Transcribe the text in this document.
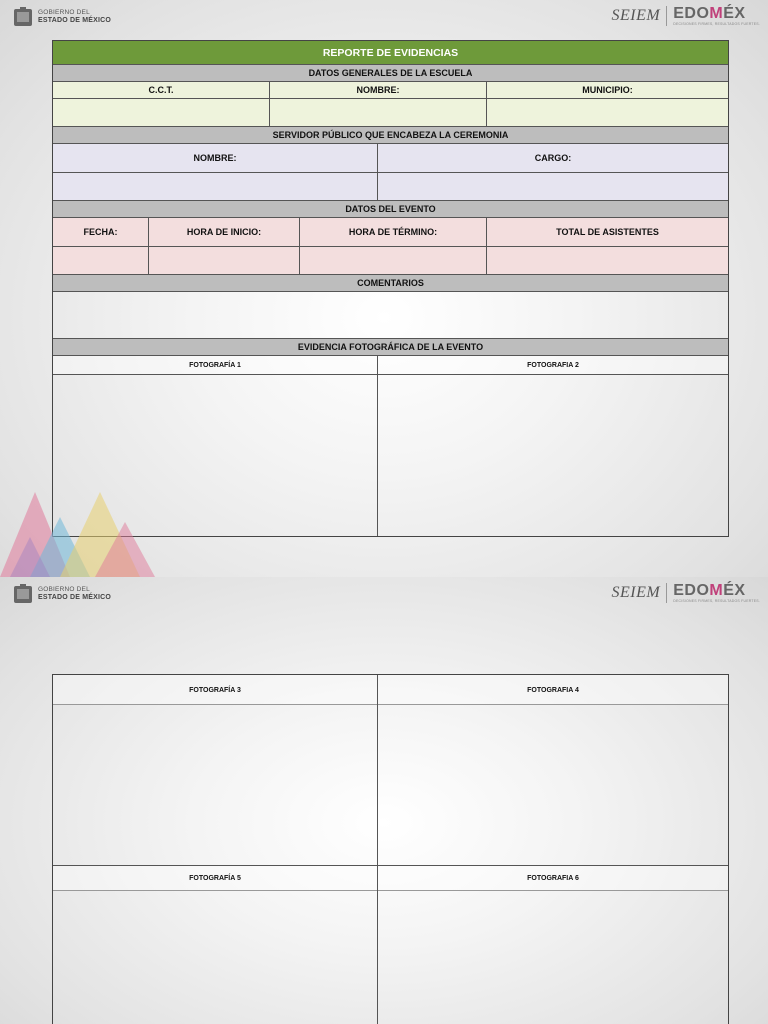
GOBIERNO DEL
ESTADO DE MÉXICO	SEIEM EDOMÉX
DECISIONES FIRMES, RESULTADOS FUERTES.
REPORTE DE EVIDENCIAS
DATOS GENERALES DE LA ESCUELA
C.C.T.	NOMBRE:	MUNICIPIO:
SERVIDOR PÚBLICO QUE ENCABEZA LA CEREMONIA
NOMBRE:	CARGO:
DATOS DEL EVENTO
FECHA:	HORA DE INICIO:	HORA DE TÉRMINO:	TOTAL DE ASISTENTES
COMENTARIOS
EVIDENCIA FOTOGRÁFICA DE LA EVENTO
FOTOGRAFÍA 1	FOTOGRAFIA 2
GOBIERNO DEL
ESTADO DE MÉXICO	SEIEM EDOMÉX
DECISIONES FIRMES, RESULTADOS FUERTES.
FOTOGRAFÍA 3	FOTOGRAFIA 4
FOTOGRAFÍA 5	FOTOGRAFIA 6
